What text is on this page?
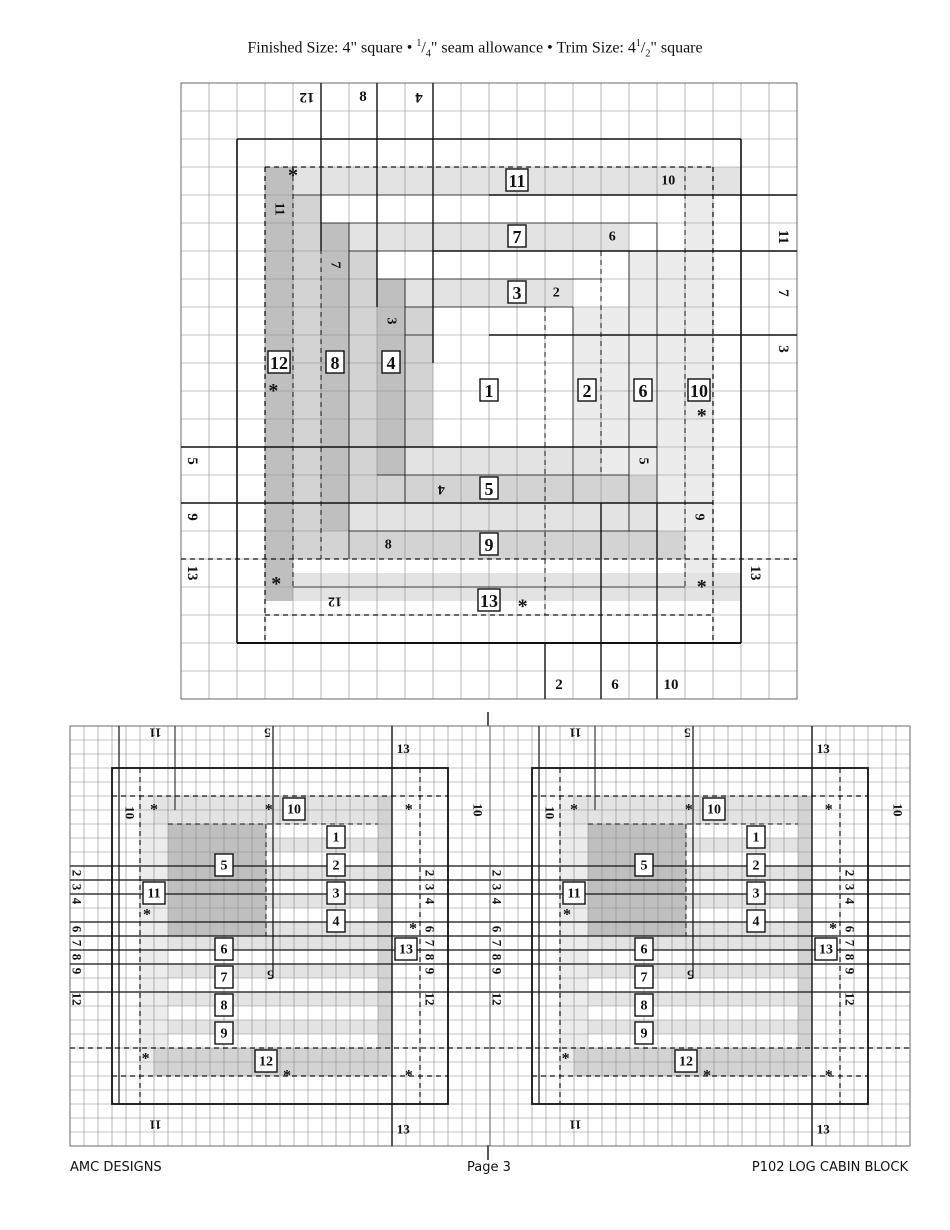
Finished Size: 4" square • $^1/_4$" seam allowance • Trim Size: $4^1/_2$" square
1	2
3
4
5
6
7
8
9
10
11
12
13
12	8	4
11
7
3
5
9
13
2	6	10
13
10
6
2
11
7
3
4
5
9
8
12
*
*
*
*	*
*
2
3
4
6
7
8
9
12
2
3
4
6
7
8
9
12
11	5
13
10
11	13
5
1
2
3
4
5
6
7
8
9
10
11
12
13
*	*	*
*
*
*
*	*
10
2
3
4
6
7
8
9
12
2
3
4
6
7
8
9
12
11	5
13
10
11	13
5
1
2
3
4
5
6
7
8
9
10
11
12
13
*	*	*
*
*
*
*	*
10
AMC DESIGNS	Page 3	P102 LOG CABIN BLOCK
